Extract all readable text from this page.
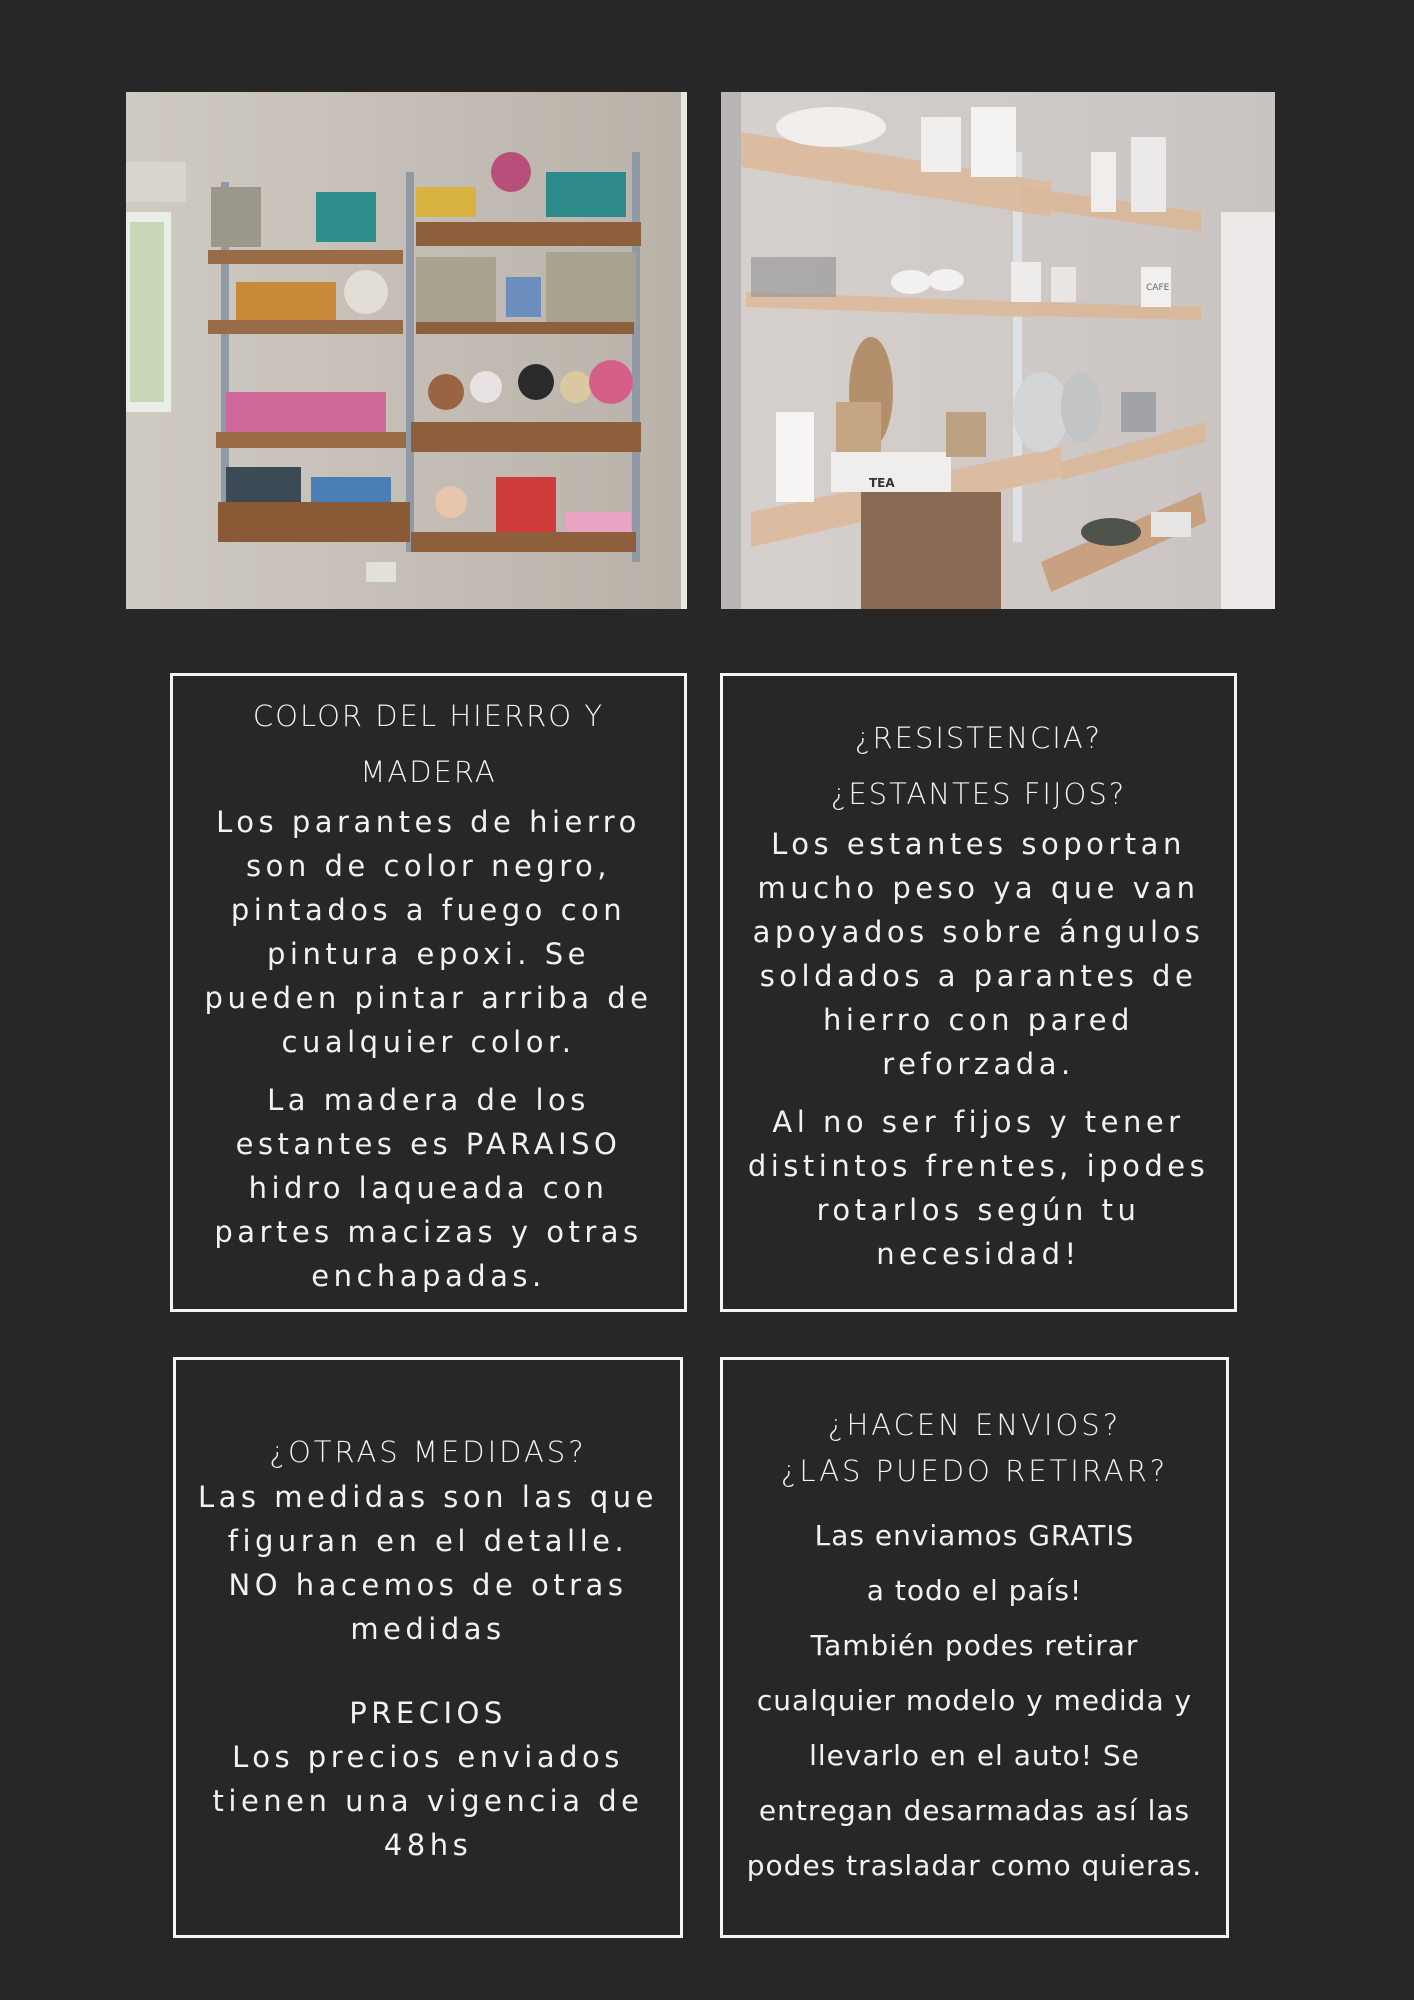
CAFE
TEA
COLOR DEL HIERRO Y
MADERA

Los parantes de hierro

son de color negro,

pintados a fuego con

pintura epoxi. Se

pueden pintar arriba de

cualquier color.

La madera de los

estantes es PARAISO

hidro laqueada con

partes macizas y otras

enchapadas.

¿RESISTENCIA?
¿ESTANTES FIJOS?

Los estantes soportan

mucho peso ya que van

apoyados sobre ángulos

soldados a parantes de

hierro con pared

reforzada.

Al no ser fijos y tener

distintos frentes, ipodes

rotarlos según tu

necesidad!

¿OTRAS MEDIDAS?

Las medidas son las que

figuran en el detalle.

NO hacemos de otras

medidas

PRECIOS

Los precios enviados

tienen una vigencia de

48hs

¿HACEN ENVIOS?
¿LAS PUEDO RETIRAR?

Las enviamos GRATIS

a todo el país!

También podes retirar

cualquier modelo y medida y

llevarlo en el auto! Se

entregan desarmadas así las

podes trasladar como quieras.
